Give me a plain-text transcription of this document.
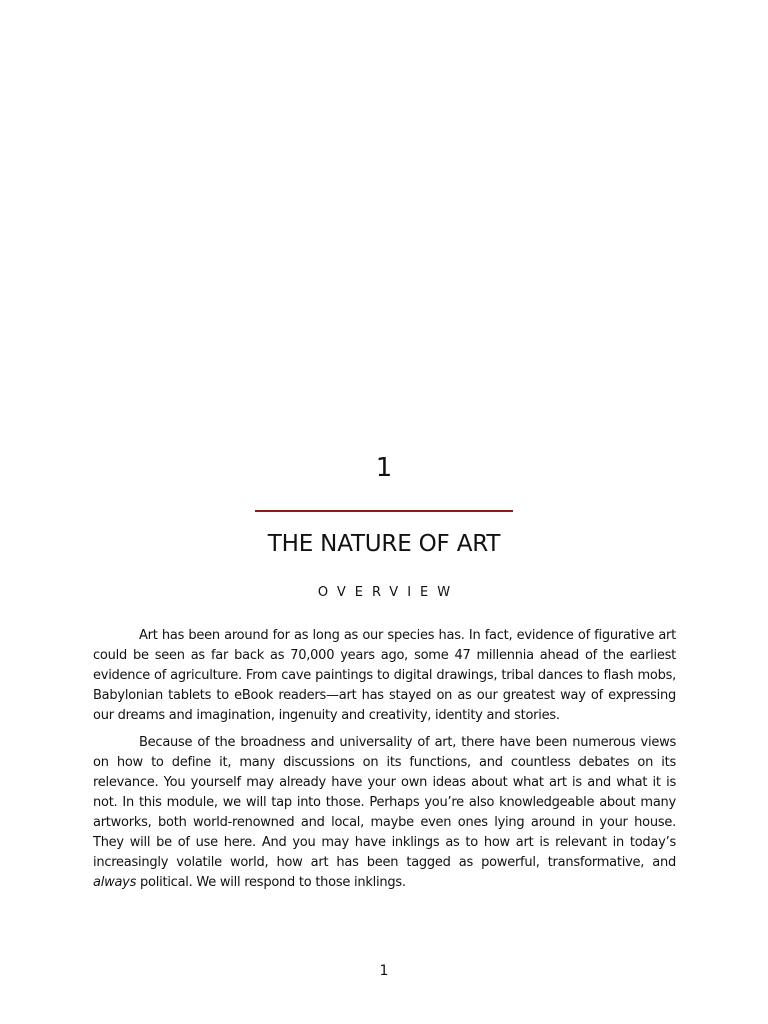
1
THE NATURE OF ART
OVERVIEW

Art has been around for as long as our species has. In fact, evidence of figurative art could be seen as far back as 70,000 years ago, some 47 millennia ahead of the earliest evidence of agriculture. From cave paintings to digital drawings, tribal dances to flash mobs, Babylonian tablets to eBook readers—art has stayed on as our greatest way of expressing our dreams and imagination, ingenuity and creativity, identity and stories.

Because of the broadness and universality of art, there have been numerous views on how to define it, many discussions on its functions, and countless debates on its relevance. You yourself may already have your own ideas about what art is and what it is not. In this module, we will tap into those. Perhaps you’re also knowledgeable about many artworks, both world-renowned and local, maybe even ones lying around in your house. They will be of use here. And you may have inklings as to how art is relevant in today’s increasingly volatile world, how art has been tagged as powerful, transformative, and always political. We will respond to those inklings.

1
